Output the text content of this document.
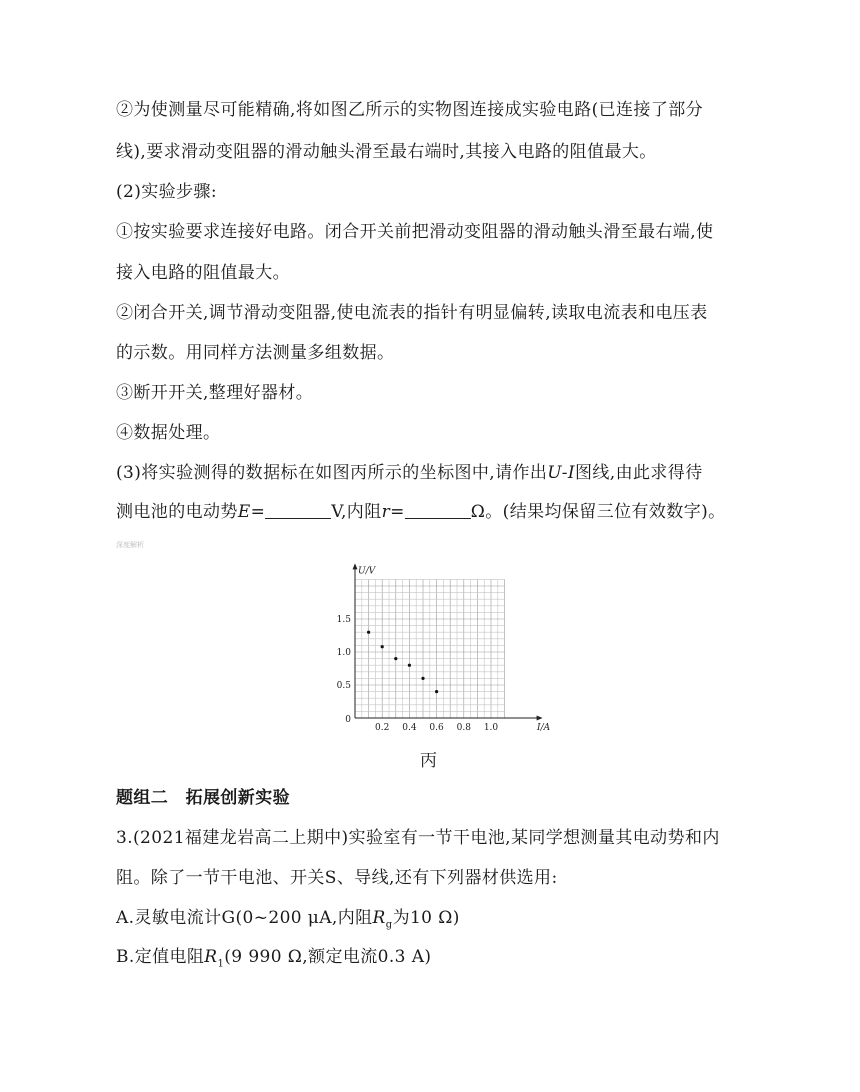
②为使测量尽可能精确,将如图乙所示的实物图连接成实验电路(已连接了部分
线),要求滑动变阻器的滑动触头滑至最右端时,其接入电路的阻值最大。
(2)实验步骤:
①按实验要求连接好电路。闭合开关前把滑动变阻器的滑动触头滑至最右端,使
接入电路的阻值最大。
②闭合开关,调节滑动变阻器,使电流表的指针有明显偏转,读取电流表和电压表
的示数。用同样方法测量多组数据。
③断开开关,整理好器材。
④数据处理。
(3)将实验测得的数据标在如图丙所示的坐标图中,请作出U-I图线,由此求得待
测电池的电动势E=	V,内阻r=	Ω。(结果均保留三位有效数字)。
深度解析
0.2 0.4 0.6 0.8 1.0
0.5
1.0
1.5
0
I/A
U/V
丙
题组二　拓展创新实验
3.(2021福建龙岩高二上期中)实验室有一节干电池,某同学想测量其电动势和内
阻。除了一节干电池、开关S、导线,还有下列器材供选用:
A.灵敏电流计G(0~200 μA,内阻$R_g$为10 Ω)
B.定值电阻$R_1(9$ 990 Ω,额定电流0.3 A)
